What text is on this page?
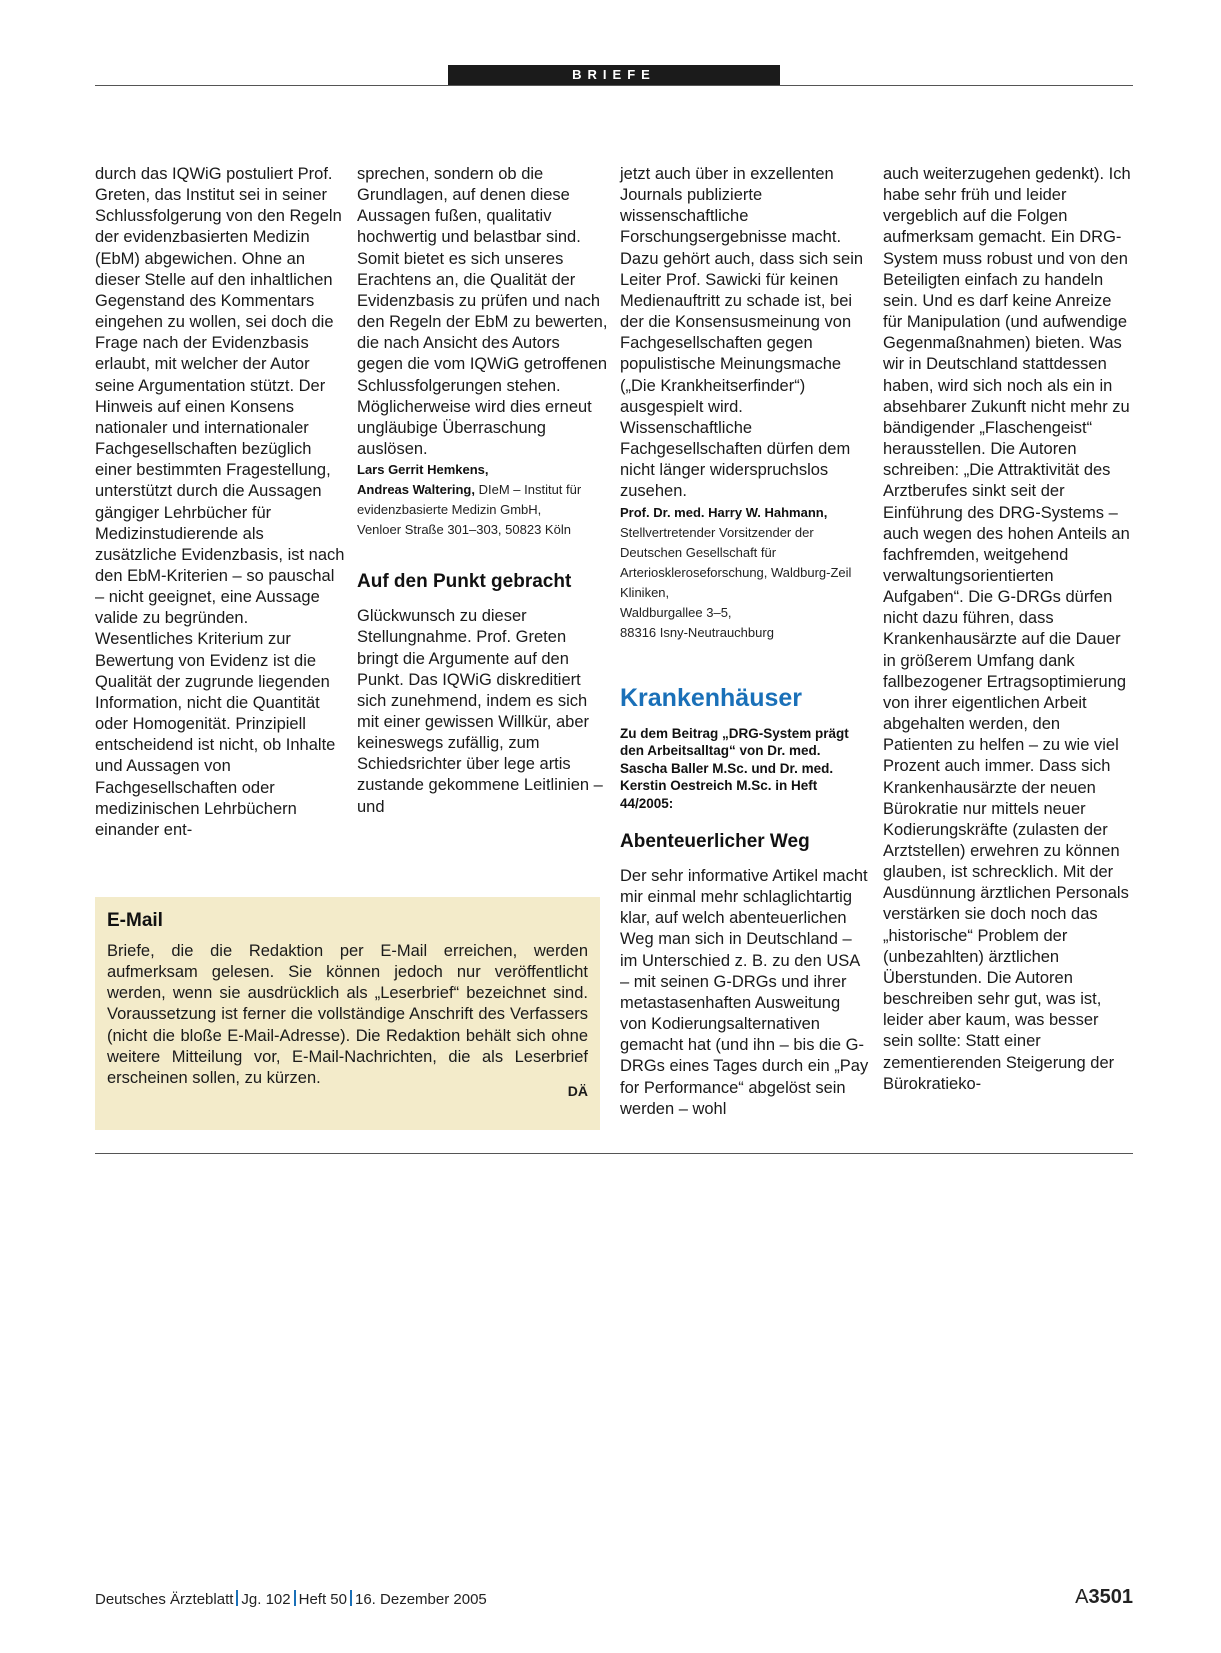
BRIEFE

durch das IQWiG postuliert Prof. Greten, das Institut sei in seiner Schlussfolgerung von den Regeln der evidenzbasierten Medizin (EbM) abgewichen. Ohne an dieser Stelle auf den inhaltlichen Gegenstand des Kommentars eingehen zu wollen, sei doch die Frage nach der Evidenzbasis erlaubt, mit welcher der Autor seine Argumentation stützt. Der Hinweis auf einen Konsens nationaler und internationaler Fachgesellschaften bezüglich einer bestimmten Fragestellung, unterstützt durch die Aussagen gängiger Lehrbücher für Medizinstudierende als zusätzliche Evidenzbasis, ist nach den EbM-Kriterien – so pauschal – nicht geeignet, eine Aussage valide zu begründen. Wesentliches Kriterium zur Bewertung von Evidenz ist die Qualität der zugrunde liegenden Information, nicht die Quantität oder Homogenität. Prinzipiell entscheidend ist nicht, ob Inhalte und Aussagen von Fachgesellschaften oder medizinischen Lehrbüchern einander ent-

sprechen, sondern ob die Grundlagen, auf denen diese Aussagen fußen, qualitativ hochwertig und belastbar sind. Somit bietet es sich unseres Erachtens an, die Qualität der Evidenzbasis zu prüfen und nach den Regeln der EbM zu bewerten, die nach Ansicht des Autors gegen die vom IQWiG getroffenen Schlussfolgerungen stehen. Möglicherweise wird dies erneut ungläubige Überraschung auslösen.

Lars Gerrit Hemkens,
Andreas Waltering, DIeM – Institut für
evidenzbasierte Medizin GmbH,
Venloer Straße 301–303, 50823 Köln
Auf den Punkt gebracht

Glückwunsch zu dieser Stellungnahme. Prof. Greten bringt die Argumente auf den Punkt. Das IQWiG diskreditiert sich zunehmend, indem es sich mit einer gewissen Willkür, aber keineswegs zufällig, zum Schiedsrichter über lege artis zustande gekommene Leitlinien – und

jetzt auch über in exzellenten Journals publizierte wissenschaftliche Forschungsergebnisse macht. Dazu gehört auch, dass sich sein Leiter Prof. Sawicki für keinen Medienauftritt zu schade ist, bei der die Konsensusmeinung von Fachgesellschaften gegen populistische Meinungsmache („Die Krankheitserfinder“) ausgespielt wird. Wissenschaftliche Fachgesellschaften dürfen dem nicht länger widerspruchslos zusehen.

Prof. Dr. med. Harry W. Hahmann,
Stellvertretender Vorsitzender der
Deutschen Gesellschaft für Arterioskleroseforschung, Waldburg-Zeil Kliniken,
Waldburgallee 3–5,
88316 Isny-Neutrauchburg
Krankenhäuser
Zu dem Beitrag „DRG-System prägt den Arbeitsalltag“ von Dr. med. Sascha Baller M.Sc. und Dr. med. Kerstin Oestreich M.Sc. in Heft 44/2005:
Abenteuerlicher Weg

Der sehr informative Artikel macht mir einmal mehr schlaglichtartig klar, auf welch abenteuerlichen Weg man sich in Deutschland – im Unterschied z. B. zu den USA – mit seinen G-DRGs und ihrer metastasenhaften Ausweitung von Kodierungsalternativen gemacht hat (und ihn – bis die G-DRGs eines Tages durch ein „Pay for Performance“ abgelöst sein werden – wohl

auch weiterzugehen gedenkt). Ich habe sehr früh und leider vergeblich auf die Folgen aufmerksam gemacht. Ein DRG-System muss robust und von den Beteiligten einfach zu handeln sein. Und es darf keine Anreize für Manipulation (und aufwendige Gegenmaßnahmen) bieten. Was wir in Deutschland stattdessen haben, wird sich noch als ein in absehbarer Zukunft nicht mehr zu bändigender „Flaschengeist“ herausstellen. Die Autoren schreiben: „Die Attraktivität des Arztberufes sinkt seit der Einführung des DRG-Systems – auch wegen des hohen Anteils an fachfremden, weitgehend verwaltungsorientierten Aufgaben“. Die G-DRGs dürfen nicht dazu führen, dass Krankenhausärzte auf die Dauer in größerem Umfang dank fallbezogener Ertragsoptimierung von ihrer eigentlichen Arbeit abgehalten werden, den Patienten zu helfen – zu wie viel Prozent auch immer. Dass sich Krankenhausärzte der neuen Bürokratie nur mittels neuer Kodierungskräfte (zulasten der Arztstellen) erwehren zu können glauben, ist schrecklich. Mit der Ausdünnung ärztlichen Personals verstärken sie doch noch das „historische“ Problem der (unbezahlten) ärztlichen Überstunden. Die Autoren beschreiben sehr gut, was ist, leider aber kaum, was besser sein sollte: Statt einer zementierenden Steigerung der Bürokratieko-

E-Mail

Briefe, die die Redaktion per E-Mail erreichen, werden aufmerksam gelesen. Sie können jedoch nur veröffentlicht werden, wenn sie ausdrücklich als „Leserbrief“ bezeichnet sind. Voraussetzung ist ferner die vollständige Anschrift des Verfassers (nicht die bloße E-Mail-Adresse). Die Redaktion behält sich ohne weitere Mitteilung vor, E-Mail-Nachrichten, die als Leserbrief erscheinen sollen, zu kürzen.

DÄ
Deutsches Ärzteblatt Jg. 102 Heft 50 16. Dezember 2005	A3501
